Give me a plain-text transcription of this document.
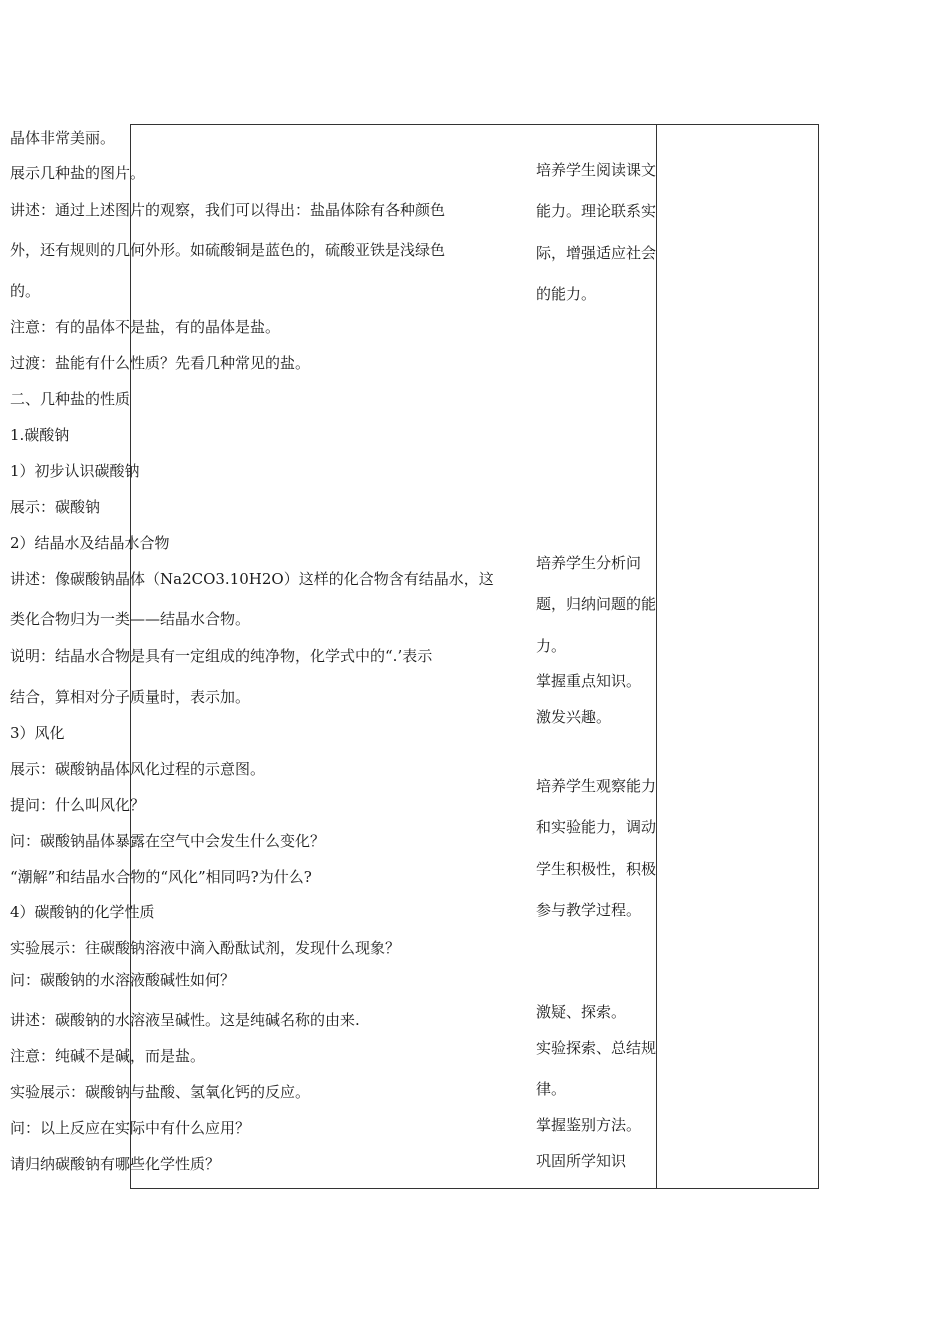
晶体非常美丽。
展示几种盐的图片。
讲述：通过上述图片的观察，我们可以得出：盐晶体除有各种颜色
外，还有规则的几何外形。如硫酸铜是蓝色的，硫酸亚铁是浅绿色
的。
注意：有的晶体不是盐，有的晶体是盐。
过渡：盐能有什么性质？先看几种常见的盐。
二、几种盐的性质
1.碳酸钠
1）初步认识碳酸钠
展示：碳酸钠
2）结晶水及结晶水合物
讲述：像碳酸钠晶体（Na2CO3.10H2O）这样的化合物含有结晶水，这
类化合物归为一类——结晶水合物。
说明：结晶水合物是具有一定组成的纯净物，化学式中的“.’表示
结合，算相对分子质量时，表示加。
3）风化
展示：碳酸钠晶体风化过程的示意图。
提问：什么叫风化？
问：碳酸钠晶体暴露在空气中会发生什么变化？
“潮解”和结晶水合物的“风化”相同吗?为什么?
4）碳酸钠的化学性质
实验展示：往碳酸钠溶液中滴入酚酞试剂，发现什么现象？
问：碳酸钠的水溶液酸碱性如何？
讲述：碳酸钠的水溶液呈碱性。这是纯碱名称的由来.
注意：纯碱不是碱，而是盐。
实验展示：碳酸钠与盐酸、氢氧化钙的反应。
问：以上反应在实际中有什么应用？
请归纳碳酸钠有哪些化学性质？
培养学生阅读课文
能力。理论联系实
际，增强适应社会
的能力。
培养学生分析问
题，归纳问题的能
力。
掌握重点知识。
激发兴趣。
培养学生观察能力
和实验能力，调动
学生积极性，积极
参与教学过程。
激疑、探索。
实验探索、总结规
律。
掌握鉴别方法。
巩固所学知识
